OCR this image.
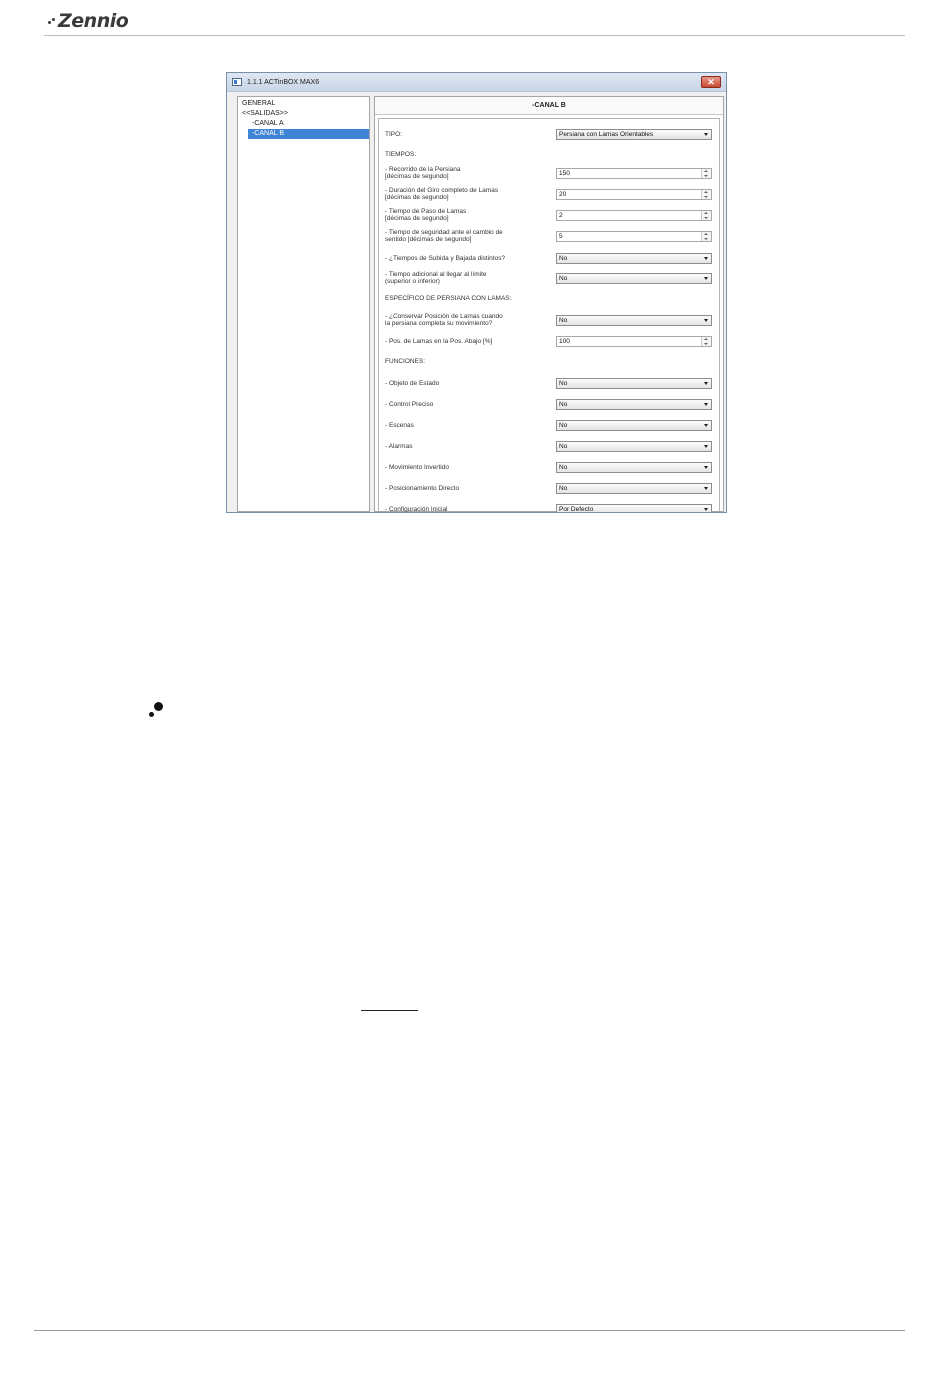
Zennio
1.1.1 ACTinBOX MAX6	✕
GENERAL
<<SALIDAS>>
-CANAL A
-CANAL B
-CANAL B
TIPO:	Persiana con Lamas Orientables
TIEMPOS:
- Recorrido de la Persiana
[décimas de segundo]	150
- Duración del Giro completo de Lamas
[décimas de segundo]	20
- Tiempo de Paso de Lamas
[décimas de segundo]	2
- Tiempo de seguridad ante el cambio de
sentido [décimas de segundo]	5
- ¿Tiempos de Subida y Bajada distintos?	No
- Tiempo adicional al llegar al límite
(superior o inferior)	No
ESPECÍFICO DE PERSIANA CON LAMAS:
- ¿Conservar Posición de Lamas cuando
la persiana completa su movimiento?	No
- Pos. de Lamas en la Pos. Abajo [%]	100
FUNCIONES:
- Objeto de Estado	No
- Control Preciso	No
- Escenas	No
- Alarmas	No
- Movimiento Invertido	No
- Posicionamiento Directo	No
- Configuración Inicial	Por Defecto
